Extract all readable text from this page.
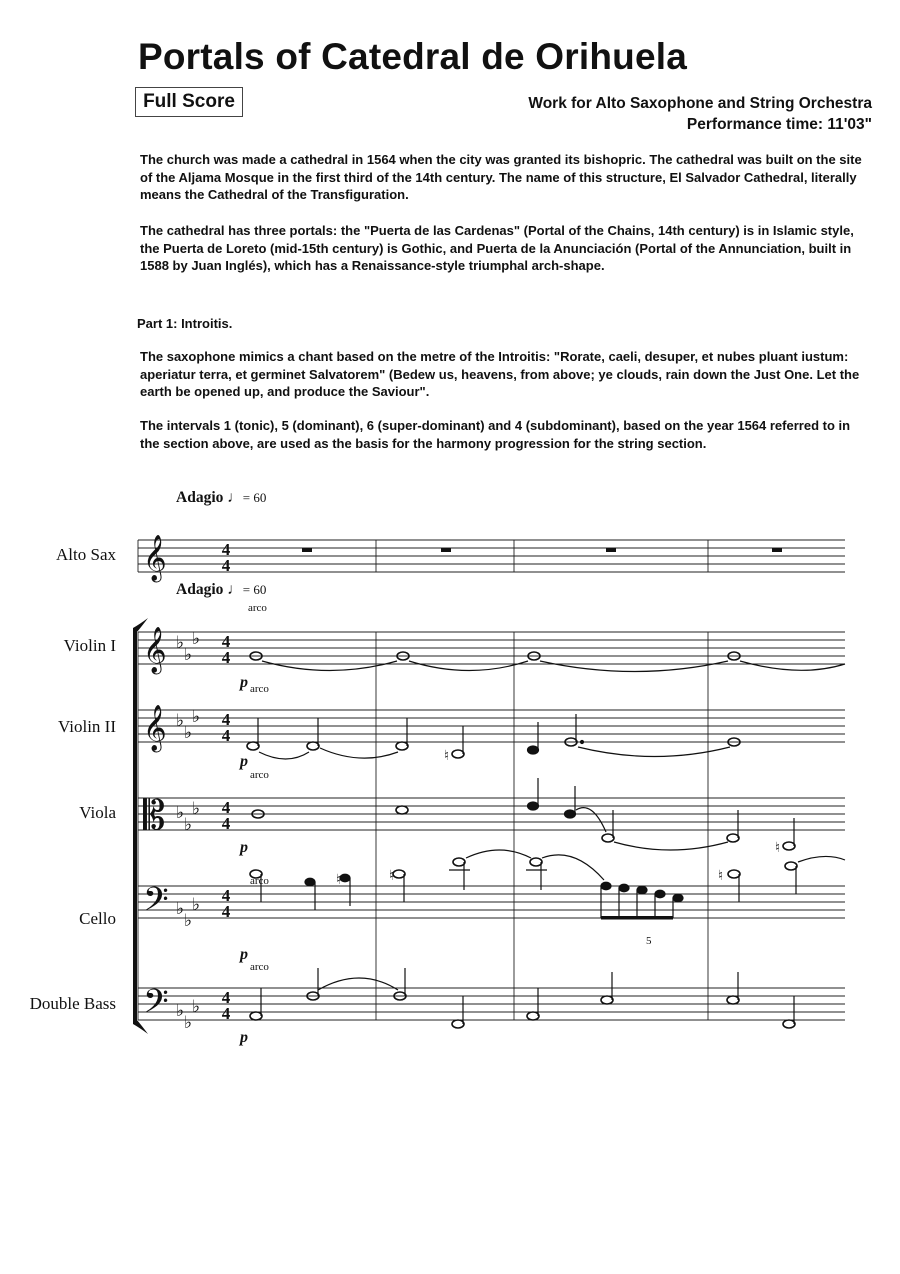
Portals of Catedral de Orihuela
Full Score	Work for Alto Saxophone and String Orchestra
Performance time: 11'03"
The church was made a cathedral in 1564 when the city was granted its bishopric. The cathedral was built on the site of the Aljama Mosque in the first third of the 14th century. The name of this structure, El Salvador Cathedral, literally means the Cathedral of the Transfiguration.
The cathedral has three portals: the "Puerta de las Cardenas" (Portal of the Chains, 14th century) is in Islamic style, the Puerta de Loreto (mid-15th century) is Gothic, and Puerta de la Anunciación (Portal of the Annunciation, built in 1588 by Juan Inglés), which has a Renaissance-style triumphal arch-shape.
Part 1: Introitis.
The saxophone mimics a chant based on the metre of the Introitis: "Rorate, caeli, desuper, et nubes pluant iustum: aperiatur terra, et germinet Salvatorem" (Bedew us, heavens, from above; ye clouds, rain down the Just One. Let the earth be opened up, and produce the Saviour".
The intervals 1 (tonic), 5 (dominant), 6 (super-dominant) and 4 (subdominant), based on the year 1564 referred to in the section above, are used as the basis for the harmony progression for the string section.
Adagio ♩= 60
Adagio ♩= 60
Alto Sax
Violin I
Violin II
Viola
Cello
Double Bass
𝄞
𝄞
𝄞
𝄡
𝄢
𝄢
♭
♭
♭
♭
♭
♭
♭
♭
♭
♭
♭
♭
♭
♭
♭
4
4
4
4
4
4
4
4
4
4
4
4
♮
♮
♮	♮	♮
p
p
p
p
p
arco
arco
arco
arco
arco
5
